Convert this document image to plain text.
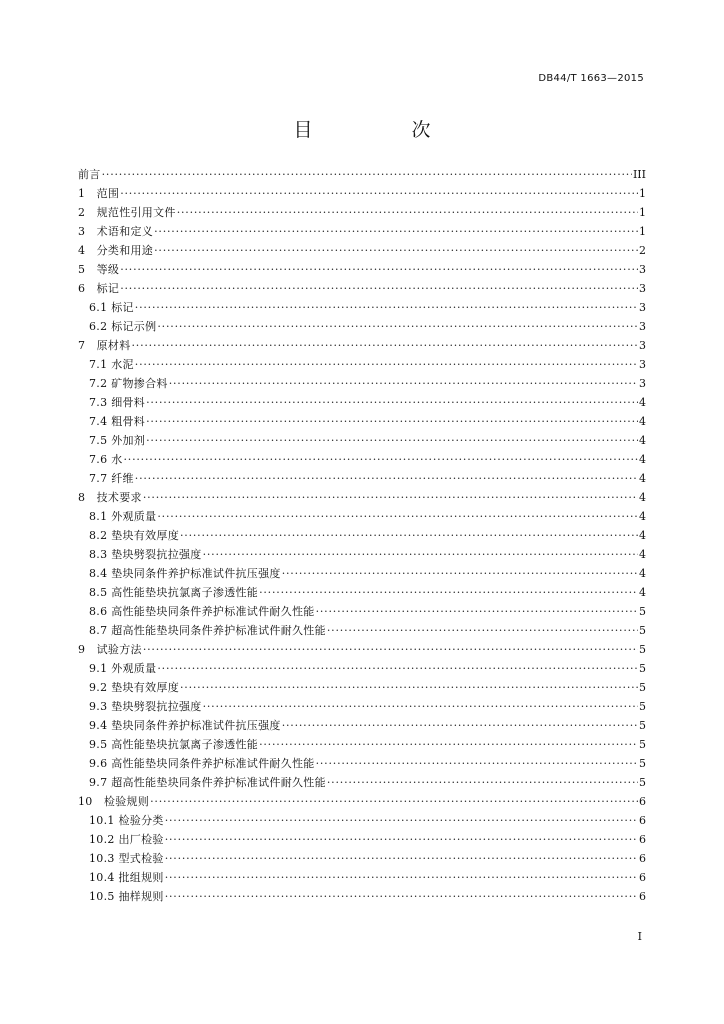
DB44/T 1663—2015
目　次
前言 ·····	III
1　范围 ·····	1
2　规范性引用文件 ·····	1
3　术语和定义 ·····	1
4　分类和用途 ·····	2
5　等级 ·····	3
6　标记 ·····	3
6.1 标记 ·····	3
6.2 标记示例 ·····	3
7　原材料 ·····	3
7.1 水泥 ·····	3
7.2 矿物掺合料 ·····	3
7.3 细骨料 ·····	4
7.4 粗骨料 ·····	4
7.5 外加剂 ·····	4
7.6 水 ·····	4
7.7 纤维 ·····	4
8　技术要求 ·····	4
8.1 外观质量 ·····	4
8.2 垫块有效厚度 ·····	4
8.3 垫块劈裂抗拉强度 ·····	4
8.4 垫块同条件养护标准试件抗压强度 ·····	4
8.5 高性能垫块抗氯离子渗透性能 ·····	4
8.6 高性能垫块同条件养护标准试件耐久性能 ·····	5
8.7 超高性能垫块同条件养护标准试件耐久性能 ·····	5
9　试验方法 ·····	5
9.1 外观质量 ·····	5
9.2 垫块有效厚度 ·····	5
9.3 垫块劈裂抗拉强度 ·····	5
9.4 垫块同条件养护标准试件抗压强度 ·····	5
9.5 高性能垫块抗氯离子渗透性能 ·····	5
9.6 高性能垫块同条件养护标准试件耐久性能 ·····	5
9.7 超高性能垫块同条件养护标准试件耐久性能 ·····	5
10　检验规则 ·····	6
10.1 检验分类 ·····	6
10.2 出厂检验 ·····	6
10.3 型式检验 ·····	6
10.4 批组规则 ·····	6
10.5 抽样规则 ·····	6
I
